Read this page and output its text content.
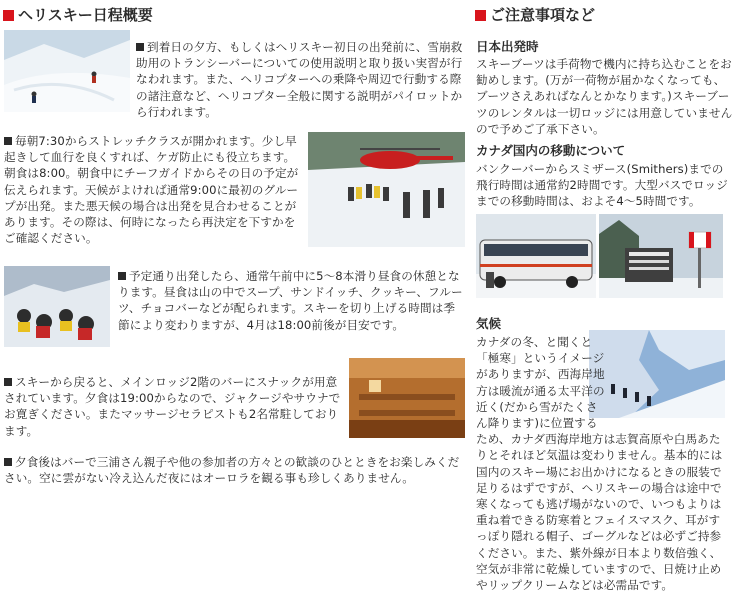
ヘリスキー日程概要
到着日の夕方、もしくはヘリスキー初日の出発前に、雪崩救助用のトランシーバーについての使用説明と取り扱い実習が行なわれます。また、ヘリコプターへの乗降や周辺で行動する際の諸注意など、ヘリコプター全般に関する説明がパイロットから行われます。
毎朝7:30からストレッチクラスが開かれます。少し早起きして血行を良くすれば、ケガ防止にも役立ちます。朝食は8:00。朝食中にチーフガイドからその日の予定が伝えられます。天候がよければ通常9:00に最初のグループが出発。また悪天候の場合は出発を見合わせることがあります。その際は、何時になったら再決定を下すかをご確認ください。
予定通り出発したら、通常午前中に5〜8本滑り昼食の休憩となります。昼食は山の中でスープ、サンドイッチ、クッキー、フルーツ、チョコバーなどが配られます。スキーを切り上げる時間は季節により変わりますが、4月は18:00前後が目安です。
スキーから戻ると、メインロッジ2階のバーにスナックが用意されています。夕食は19:00からなので、ジャクージやサウナでお寛ぎください。またマッサージセラピストも2名常駐しております。
夕食後はバーで三浦さん親子や他の参加者の方々との歓談のひとときをお楽しみください。空に雲がない冷え込んだ夜にはオーロラを観る事も珍しくありません。
ご注意事項など
日本出発時
スキーブーツは手荷物で機内に持ち込むことをお勧めします。(万が一荷物が届かなくなっても、ブーツさえあればなんとかなります。)スキーブーツのレンタルは一切ロッジには用意していませんので予めご了承下さい。
カナダ国内の移動について
バンクーバーからスミザース(Smithers)までの飛行時間は通常約2時間です。大型バスでロッジまでの移動時間は、およそ4〜5時間です。
気候
カナダの冬、と聞くと「極寒」というイメージがありますが、西海岸地方は暖流が通る太平洋の近く(だから雪がたくさん降ります)に位置するため、カナダ西海岸地方は志賀高原や白馬あたりとそれほど気温は変わりません。基本的には国内のスキー場にお出かけになるときの服装で足りるはずですが、ヘリスキーの場合は途中で寒くなっても逃げ場がないので、いつもよりは重ね着できる防寒着とフェイスマスク、耳がすっぽり隠れる帽子、ゴーグルなどは必ずご持参ください。また、紫外線が日本より数倍強く、空気が非常に乾燥していますので、日焼け止めやリップクリームなどは必需品です。
